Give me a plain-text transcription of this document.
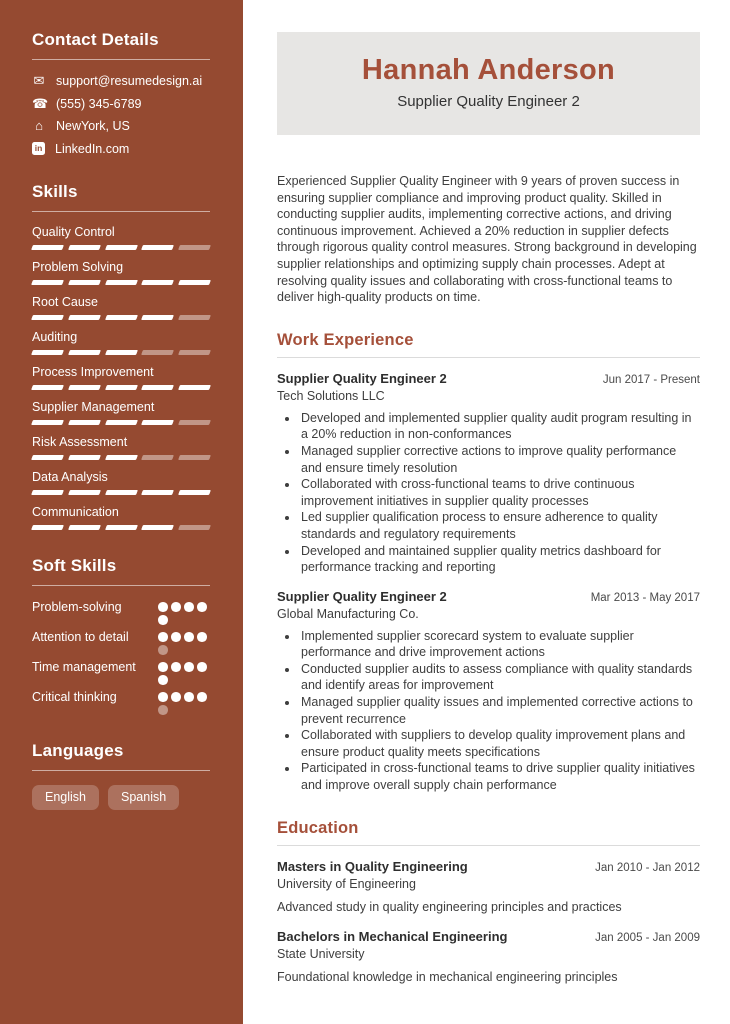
Contact Details
✉ support@resumedesign.ai
☎ (555) 345-6789
⌂ NewYork, US
in LinkedIn.com
Skills
Quality Control
Problem Solving
Root Cause
Auditing
Process Improvement
Supplier Management
Risk Assessment
Data Analysis
Communication
Soft Skills
Problem-solving
Attention to detail
Time management
Critical thinking
Languages
English	Spanish
Hannah Anderson
Supplier Quality Engineer 2

Experienced Supplier Quality Engineer with 9 years of proven success in ensuring supplier compliance and improving product quality. Skilled in conducting supplier audits, implementing corrective actions, and driving continuous improvement. Achieved a 20% reduction in supplier defects through rigorous quality control measures. Strong background in developing supplier relationships and optimizing supply chain processes. Adept at resolving quality issues and collaborating with cross-functional teams to deliver high-quality products on time.

Work Experience
Supplier Quality Engineer 2	Jun 2017 - Present
Tech Solutions LLC
• Developed and implemented supplier quality audit program resulting in a 20% reduction in non-conformances
• Managed supplier corrective actions to improve quality performance and ensure timely resolution
• Collaborated with cross-functional teams to drive continuous improvement initiatives in supplier quality processes
• Led supplier qualification process to ensure adherence to quality standards and regulatory requirements
• Developed and maintained supplier quality metrics dashboard for performance tracking and reporting
Supplier Quality Engineer 2	Mar 2013 - May 2017
Global Manufacturing Co.
• Implemented supplier scorecard system to evaluate supplier performance and drive improvement actions
• Conducted supplier audits to assess compliance with quality standards and identify areas for improvement
• Managed supplier quality issues and implemented corrective actions to prevent recurrence
• Collaborated with suppliers to develop quality improvement plans and ensure product quality meets specifications
• Participated in cross-functional teams to drive supplier quality initiatives and improve overall supply chain performance
Education
Masters in Quality Engineering	Jan 2010 - Jan 2012
University of Engineering
Advanced study in quality engineering principles and practices
Bachelors in Mechanical Engineering	Jan 2005 - Jan 2009
State University
Foundational knowledge in mechanical engineering principles
